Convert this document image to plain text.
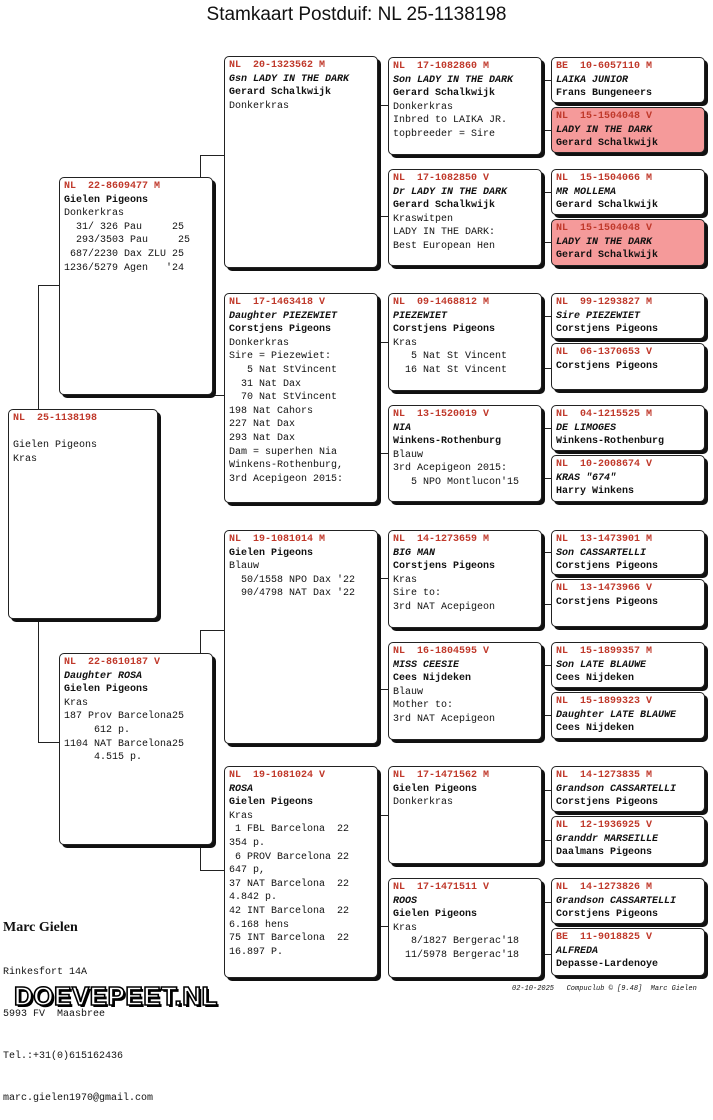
Stamkaart Postduif: NL 25-1138198
NL  25-1138198

Gielen Pigeons
Kras
NL  22-8609477 M
Gielen Pigeons
Donkerkras
31/ 326 Pau     25
293/3503 Pau     25
687/2230 Dax ZLU 25
1236/5279 Agen   '24
NL  22-8610187 V
Daughter ROSA
Gielen Pigeons
Kras
187 Prov Barcelona25
612 p.
1104 NAT Barcelona25
4.515 p.
NL  20-1323562 M
Gsn LADY IN THE DARK
Gerard Schalkwijk
Donkerkras
NL  17-1463418 V
Daughter PIEZEWIET
Corstjens Pigeons
Donkerkras
Sire = Piezewiet:
5 Nat StVincent
31 Nat Dax
70 Nat StVincent
198 Nat Cahors
227 Nat Dax
293 Nat Dax
Dam = superhen Nia
Winkens-Rothenburg,
3rd Acepigeon 2015:
NL  19-1081014 M
Gielen Pigeons
Blauw
50/1558 NPO Dax '22
90/4798 NAT Dax '22
NL  19-1081024 V
ROSA
Gielen Pigeons
Kras
1 FBL Barcelona  22
354 p.
6 PROV Barcelona 22
647 p,
37 NAT Barcelona  22
4.842 p.
42 INT Barcelona  22
6.168 hens
75 INT Barcelona  22
16.897 P.
NL  17-1082860 M
Son LADY IN THE DARK
Gerard Schalkwijk
Donkerkras
Inbred to LAIKA JR.
topbreeder = Sire
NL  17-1082850 V
Dr LADY IN THE DARK
Gerard Schalkwijk
Kraswitpen
LADY IN THE DARK:
Best European Hen
NL  09-1468812 M
PIEZEWIET
Corstjens Pigeons
Kras
5 Nat St Vincent
16 Nat St Vincent
NL  13-1520019 V
NIA
Winkens-Rothenburg
Blauw
3rd Acepigeon 2015:
5 NPO Montlucon'15
NL  14-1273659 M
BIG MAN
Corstjens Pigeons
Kras
Sire to:
3rd NAT Acepigeon
NL  16-1804595 V
MISS CEESIE
Cees Nijdeken
Blauw
Mother to:
3rd NAT Acepigeon
NL  17-1471562 M
Gielen Pigeons
Donkerkras
NL  17-1471511 V
ROOS
Gielen Pigeons
Kras
8/1827 Bergerac'18
11/5978 Bergerac'18
BE  10-6057110 M
LAIKA JUNIOR
Frans Bungeneers
NL  15-1504048 V
LADY IN THE DARK
Gerard Schalkwijk
NL  15-1504066 M
MR MOLLEMA
Gerard Schalkwijk
NL  15-1504048 V
LADY IN THE DARK
Gerard Schalkwijk
NL  99-1293827 M
Sire PIEZEWIET
Corstjens Pigeons
NL  06-1370653 V
Corstjens Pigeons
NL  04-1215525 M
DE LIMOGES
Winkens-Rothenburg
NL  10-2008674 V
KRAS "674"
Harry Winkens
NL  13-1473901 M
Son CASSARTELLI
Corstjens Pigeons
NL  13-1473966 V
Corstjens Pigeons
NL  15-1899357 M
Son LATE BLAUWE
Cees Nijdeken
NL  15-1899323 V
Daughter LATE BLAUWE
Cees Nijdeken
NL  14-1273835 M
Grandson CASSARTELLI
Corstjens Pigeons
NL  12-1936925 V
Granddr MARSEILLE
Daalmans Pigeons
NL  14-1273826 M
Grandson CASSARTELLI
Corstjens Pigeons
BE  11-9018825 V
ALFREDA
Depasse-Lardenoye

Marc Gielen

Rinkesfort 14A

5993 FV  Maasbree

Tel.:+31(0)615162436

marc.gielen1970@gmail.com

DOEVEPEET.NL	02-10-2025   Compuclub © [9.48]  Marc Gielen
